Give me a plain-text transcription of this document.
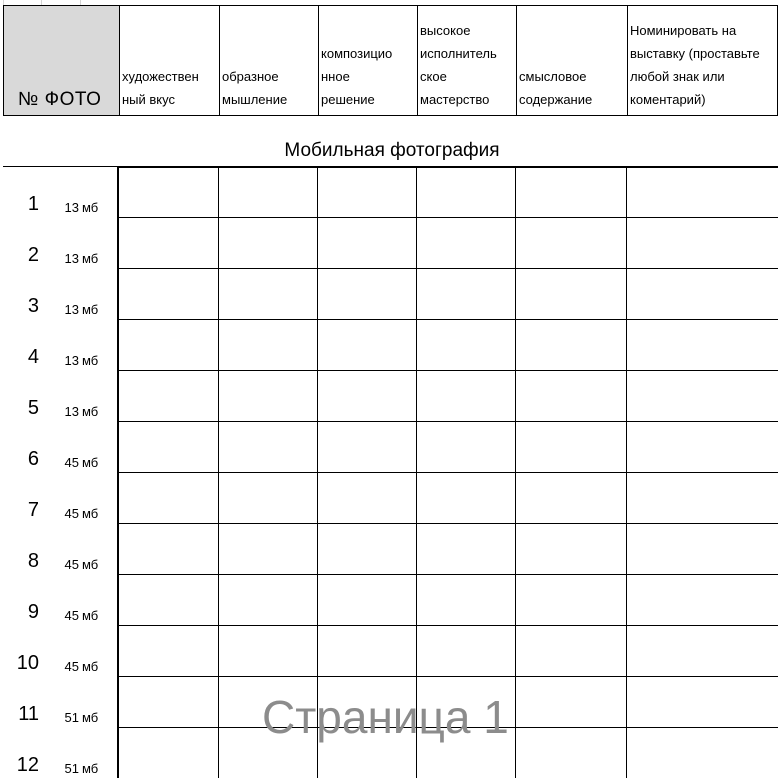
№ ФОТО
художествен
ный вкус
образное
мышление
композицио
нное
решение
высокое
исполнитель
ское
мастерство
смысловое
содержание
Номинировать на
выставку (проставьте
любой знак или
коментарий)
Мобильная фотография
1 13 мб
2 13 мб
3 13 мб
4 13 мб
5 13 мб
6 45 мб
7 45 мб
8 45 мб
9 45 мб
10 45 мб
11 51 мб
12 51 мб
Страница 1
